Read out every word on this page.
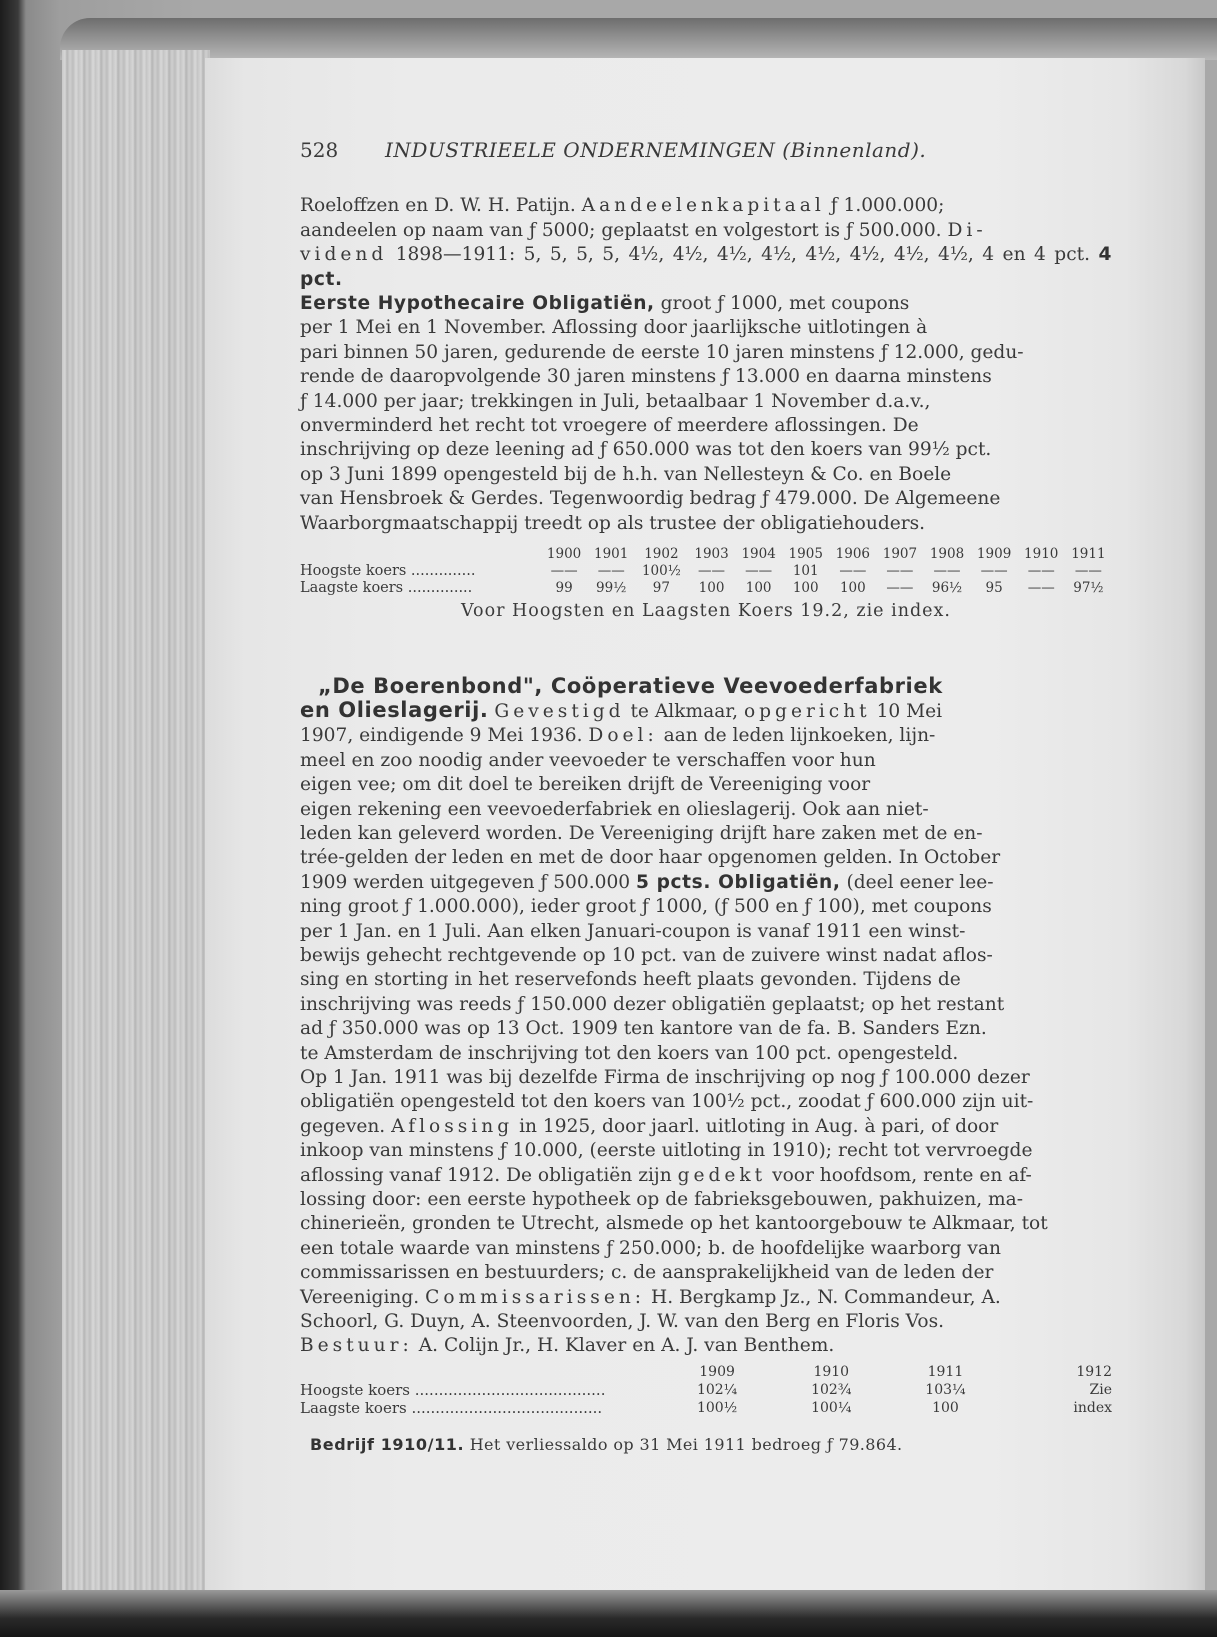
528	INDUSTRIEELE ONDERNEMINGEN (Binnenland).

Roeloffzen en D. W. H. Patijn. Aandeelenkapitaal ƒ 1.000.000;

aandeelen op naam van ƒ 5000; geplaatst en volgestort is ƒ 500.000. Di-

vidend 1898—1911: 5, 5, 5, 5, 4½, 4½, 4½, 4½, 4½, 4½, 4½, 4½, 4 en 4 pct. 4 pct.

Eerste Hypothecaire Obligatiën, groot ƒ 1000, met coupons

per 1 Mei en 1 November. Aflossing door jaarlijksche uitlotingen à

pari binnen 50 jaren, gedurende de eerste 10 jaren minstens ƒ 12.000, gedu-

rende de daaropvolgende 30 jaren minstens ƒ 13.000 en daarna minstens

ƒ 14.000 per jaar; trekkingen in Juli, betaalbaar 1 November d.a.v.,

onverminderd het recht tot vroegere of meerdere aflossingen. De

inschrijving op deze leening ad ƒ 650.000 was tot den koers van 99½ pct.

op 3 Juni 1899 opengesteld bij de h.h. van Nellesteyn & Co. en Boele

van Hensbroek & Gerdes. Tegenwoordig bedrag ƒ 479.000. De Algemeene

Waarborgmaatschappij treedt op als trustee der obligatiehouders.

	1900	1901	1902	1903	1904	1905	1906	1907	1908	1909	1910	1911
Hoogste koers ..............	——	——	100½	——	——	101	——	——	——	——	——	——
Laagste koers ..............	99	99½	97	100	100	100	100	——	96½	95	——	97½

Voor Hoogsten en Laagsten Koers 19.2, zie index.

„De Boerenbond", Coöperatieve Veevoederfabriek

en Olieslagerij. Gevestigd te Alkmaar, opgericht 10 Mei

1907, eindigende 9 Mei 1936. Doel: aan de leden lijnkoeken, lijn-

meel en zoo noodig ander veevoeder te verschaffen voor hun

eigen vee; om dit doel te bereiken drijft de Vereeniging voor

eigen rekening een veevoederfabriek en olieslagerij. Ook aan niet-

leden kan geleverd worden. De Vereeniging drijft hare zaken met de en-

trée-gelden der leden en met de door haar opgenomen gelden. In October

1909 werden uitgegeven ƒ 500.000 5 pcts. Obligatiën, (deel eener lee-

ning groot ƒ 1.000.000), ieder groot ƒ 1000, (ƒ 500 en ƒ 100), met coupons

per 1 Jan. en 1 Juli. Aan elken Januari-coupon is vanaf 1911 een winst-

bewijs gehecht rechtgevende op 10 pct. van de zuivere winst nadat aflos-

sing en storting in het reservefonds heeft plaats gevonden. Tijdens de

inschrijving was reeds ƒ 150.000 dezer obligatiën geplaatst; op het restant

ad ƒ 350.000 was op 13 Oct. 1909 ten kantore van de fa. B. Sanders Ezn.

te Amsterdam de inschrijving tot den koers van 100 pct. opengesteld.

Op 1 Jan. 1911 was bij dezelfde Firma de inschrijving op nog ƒ 100.000 dezer

obligatiën opengesteld tot den koers van 100½ pct., zoodat ƒ 600.000 zijn uit-

gegeven. Aflossing in 1925, door jaarl. uitloting in Aug. à pari, of door

inkoop van minstens ƒ 10.000, (eerste uitloting in 1910); recht tot vervroegde

aflossing vanaf 1912. De obligatiën zijn gedekt voor hoofdsom, rente en af-

lossing door: een eerste hypotheek op de fabrieksgebouwen, pakhuizen, ma-

chinerieën, gronden te Utrecht, alsmede op het kantoorgebouw te Alkmaar, tot

een totale waarde van minstens ƒ 250.000; b. de hoofdelijke waarborg van

commissarissen en bestuurders; c. de aansprakelijkheid van de leden der

Vereeniging. Commissarissen: H. Bergkamp Jz., N. Commandeur, A.

Schoorl, G. Duyn, A. Steenvoorden, J. W. van den Berg en Floris Vos.

Bestuur: A. Colijn Jr., H. Klaver en A. J. van Benthem.

	1909	1910	1911	1912
Hoogste koers ........................................	102¼	102¾	103¼	Zie
Laagste koers ........................................	100½	100¼	100	index

Bedrijf 1910/11. Het verliessaldo op 31 Mei 1911 bedroeg ƒ 79.864.
